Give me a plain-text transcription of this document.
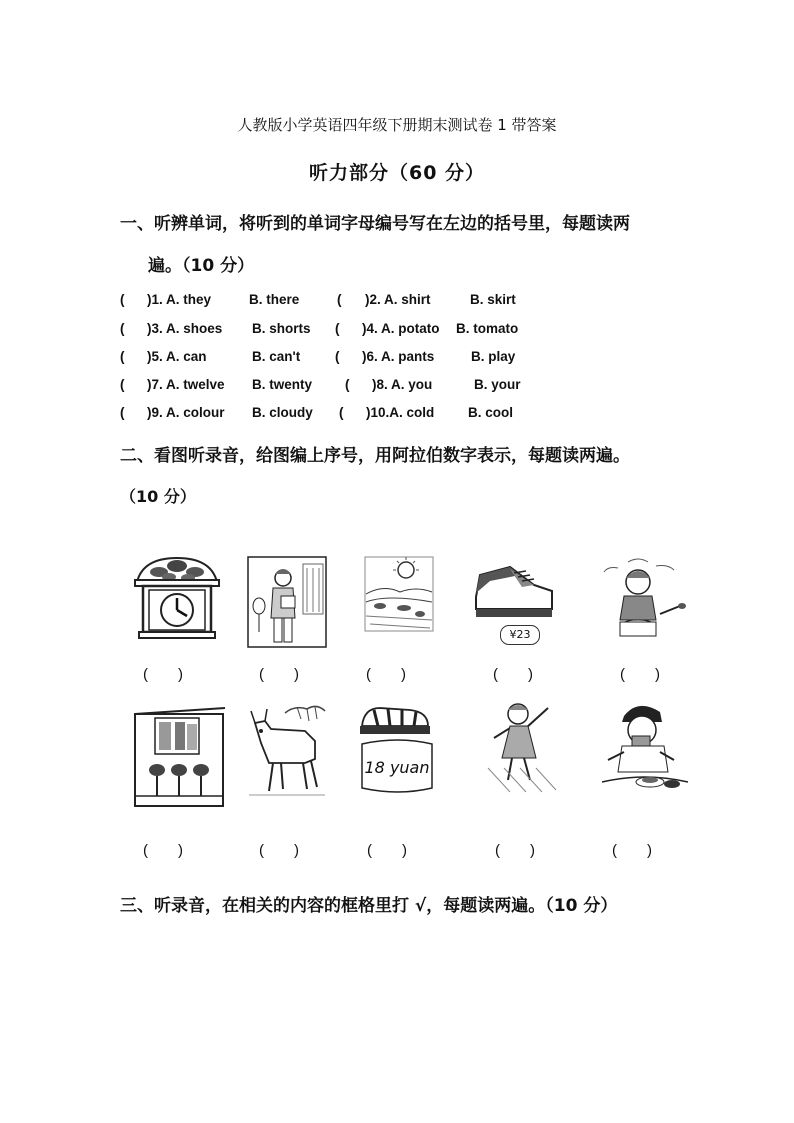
人教版小学英语四年级下册期末测试卷 1 带答案
听力部分（60 分）
一、听辨单词，将听到的单词字母编号写在左边的括号里，每题读两
遍。（10 分）
( )1. A. they	B. there	( )2. A. shirt	B. skirt
( )3. A. shoes B. shorts ( )4. A. potato B. tomato
( )5. A. can	B. can't	( )6. A. pants	B. play
( )7. A. twelve B. twenty ( )8. A. you	B. your
( )9. A. colour B. cloudy ( )10.A. cold B. cool
二、看图听录音，给图编上序号，用阿拉伯数字表示，每题读两遍。
（10 分）
¥23
(　　)	(　　)	(　　)	(　　)	(　　)
18 yuan
(　　)	(　　)	(　　)	(　　)	(　　)
三、听录音，在相关的内容的框格里打 √，每题读两遍。（10 分）
